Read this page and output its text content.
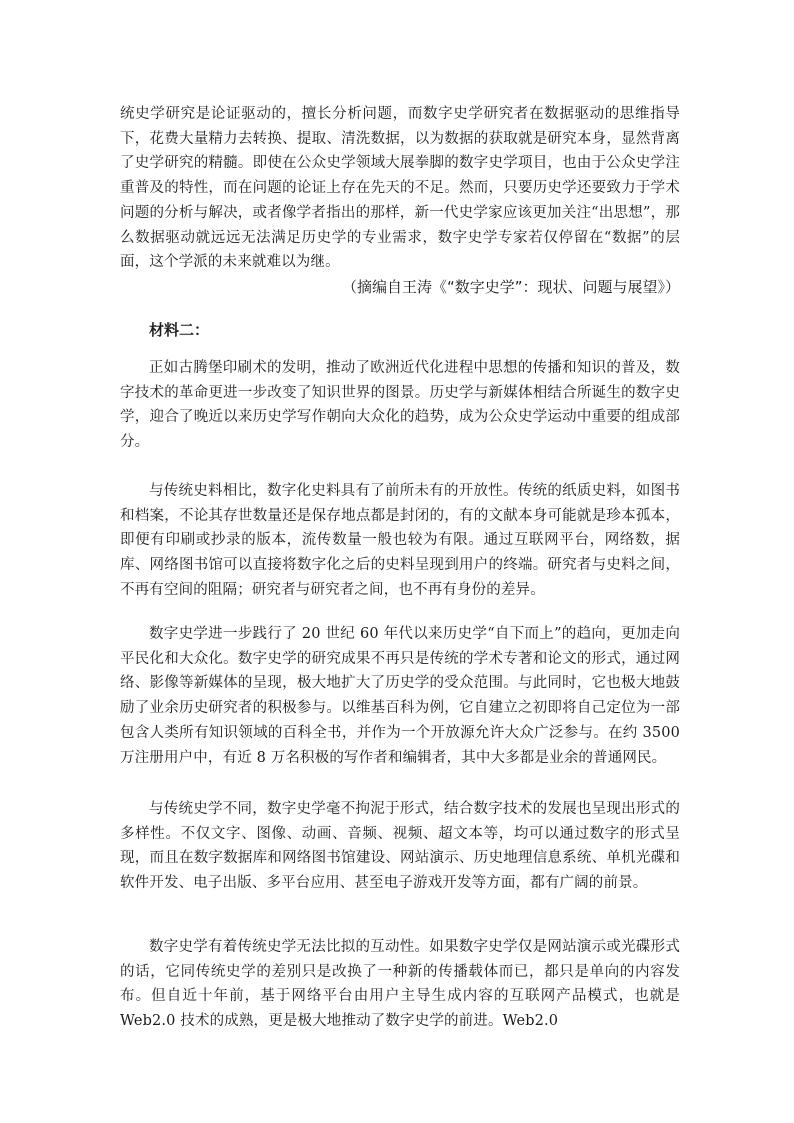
统史学研究是论证驱动的，擅长分析问题，而数字史学研究者在数据驱动的思维指导下，花费大量精力去转换、提取、清洗数据，以为数据的获取就是研究本身，显然背离了史学研究的精髓。即使在公众史学领域大展拳脚的数字史学项目，也由于公众史学注重普及的特性，而在问题的论证上存在先天的不足。然而，只要历史学还要致力于学术问题的分析与解决，或者像学者指出的那样，新一代史学家应该更加关注“出思想”，那么数据驱动就远远无法满足历史学的专业需求，数字史学专家若仅停留在“数据”的层面，这个学派的未来就难以为继。

（摘编自王涛《“数字史学”：现状、问题与展望》）

材料二：

正如古腾堡印刷术的发明，推动了欧洲近代化进程中思想的传播和知识的普及，数字技术的革命更进一步改变了知识世界的图景。历史学与新媒体相结合所诞生的数字史学，迎合了晚近以来历史学写作朝向大众化的趋势，成为公众史学运动中重要的组成部分。

与传统史料相比，数字化史料具有了前所未有的开放性。传统的纸质史料，如图书和档案，不论其存世数量还是保存地点都是封闭的，有的文献本身可能就是珍本孤本，即便有印刷或抄录的版本，流传数量一般也较为有限。通过互联网平台，网络数，据库、网络图书馆可以直接将数字化之后的史料呈现到用户的终端。研究者与史料之间，不再有空间的阻隔；研究者与研究者之间，也不再有身份的差异。

数字史学进一步践行了 20 世纪 60 年代以来历史学“自下而上”的趋向，更加走向平民化和大众化。数字史学的研究成果不再只是传统的学术专著和论文的形式，通过网络、影像等新媒体的呈现，极大地扩大了历史学的受众范围。与此同时，它也极大地鼓励了业余历史研究者的积极参与。以维基百科为例，它自建立之初即将自己定位为一部包含人类所有知识领域的百科全书，并作为一个开放源允许大众广泛参与。在约 3500 万注册用户中，有近 8 万名积极的写作者和编辑者，其中大多都是业余的普通网民。

与传统史学不同，数字史学毫不拘泥于形式，结合数字技术的发展也呈现出形式的多样性。不仅文字、图像、动画、音频、视频、超文本等，均可以通过数字的形式呈现，而且在数字数据库和网络图书馆建设、网站演示、历史地理信息系统、单机光碟和软件开发、电子出版、多平台应用、甚至电子游戏开发等方面，都有广阔的前景。

数字史学有着传统史学无法比拟的互动性。如果数字史学仅是网站演示或光碟形式的话，它同传统史学的差别只是改换了一种新的传播载体而已，都只是单向的内容发布。但自近十年前，基于网络平台由用户主导生成内容的互联网产品模式，也就是 Web2.0 技术的成熟，更是极大地推动了数字史学的前进。Web2.0
